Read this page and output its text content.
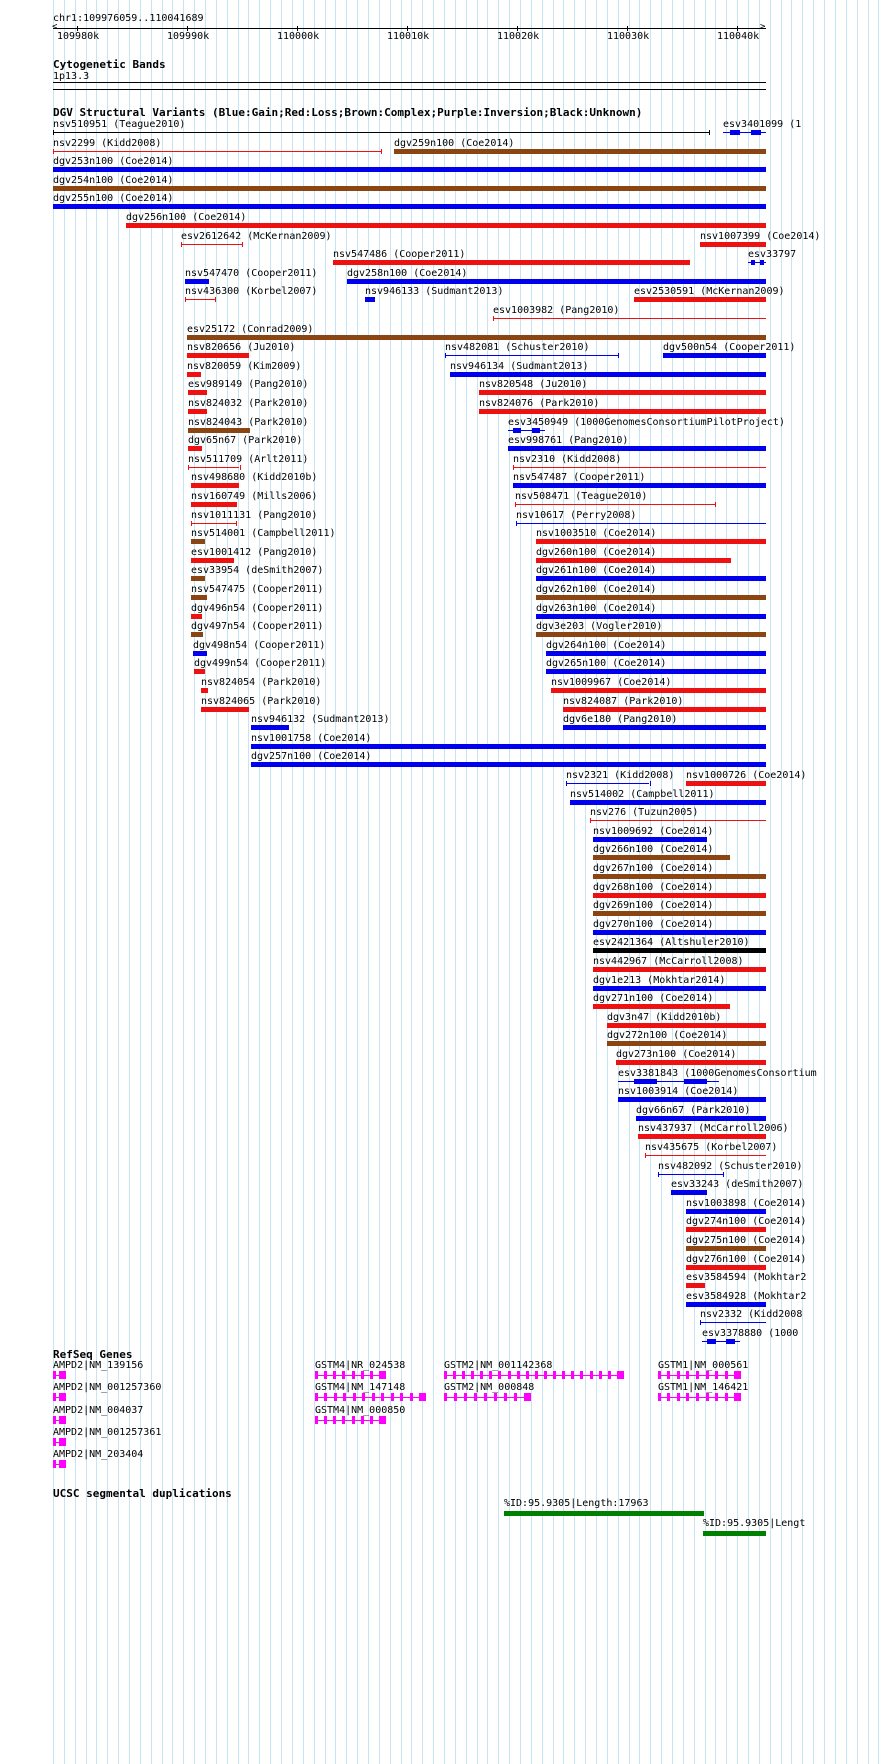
chr1:109976059..110041689
<	>
109980k	109990k	110000k	110010k	110020k	110030k	110040k
Cytogenetic Bands
1p13.3
DGV Structural Variants (Blue:Gain;Red:Loss;Brown:Complex;Purple:Inversion;Black:Unknown)
nsv510951 (Teague2010)	esv3401099 (1
nsv2299 (Kidd2008)	dgv259n100 (Coe2014)
dgv253n100 (Coe2014)
dgv254n100 (Coe2014)
dgv255n100 (Coe2014)
dgv256n100 (Coe2014)
esv2612642 (McKernan2009)
nsv547486 (Cooper2011)
nsv1007399 (Coe2014)
nsv547470 (Cooper2011)	dgv258n100 (Coe2014)
nsv436300 (Korbel2007)	nsv946133 (Sudmant2013)
esv1003982 (Pang2010)
esv25172 (Conrad2009)
nsv820656 (Ju2010)	nsv482081 (Schuster2010)
esv2530591 (McKernan2009)
nsv820059 (Kim2009)	nsv946134 (Sudmant2013)
esv989149 (Pang2010)	nsv820548 (Ju2010)
nsv824032 (Park2010)	nsv824076 (Park2010)
nsv824043 (Park2010)	esv3450949 (1000GenomesConsortiumPilotProject)
dgv65n67 (Park2010)	esv998761 (Pang2010)
nsv511709 (Arlt2011)	nsv2310 (Kidd2008)
nsv498680 (Kidd2010b)	nsv547487 (Cooper2011)
nsv160749 (Mills2006)	nsv508471 (Teague2010)
esv33797
nsv1011131 (Pang2010)	nsv10617 (Perry2008)
nsv514001 (Campbell2011)	nsv1003510 (Coe2014)
esv1001412 (Pang2010)	dgv260n100 (Coe2014)
esv33954 (deSmith2007)	dgv261n100 (Coe2014)
nsv547475 (Cooper2011)	dgv262n100 (Coe2014)
dgv496n54 (Cooper2011)	dgv263n100 (Coe2014)
dgv497n54 (Cooper2011)	dgv3e203 (Vogler2010)
dgv498n54 (Cooper2011)	dgv264n100 (Coe2014)
dgv499n54 (Cooper2011)	dgv265n100 (Coe2014)
nsv824054 (Park2010)	nsv1009967 (Coe2014)
nsv824065 (Park2010)	nsv824087 (Park2010)
nsv946132 (Sudmant2013)	dgv6e180 (Pang2010)
nsv1001758 (Coe2014)
dgv257n100 (Coe2014)
nsv2321 (Kidd2008)
dgv500n54 (Cooper2011)
nsv514002 (Campbell2011)
nsv276 (Tuzun2005)
nsv1009692 (Coe2014)
dgv266n100 (Coe2014)
dgv267n100 (Coe2014)
dgv268n100 (Coe2014)
dgv269n100 (Coe2014)
dgv270n100 (Coe2014)
esv2421364 (Altshuler2010)
nsv442967 (McCarroll2008)
dgv1e213 (Mokhtar2014)
dgv271n100 (Coe2014)
dgv3n47 (Kidd2010b)
dgv272n100 (Coe2014)
dgv273n100 (Coe2014)
esv3381843 (1000GenomesConsortium
nsv1003914 (Coe2014)
dgv66n67 (Park2010)
nsv437937 (McCarroll2006)
nsv435675 (Korbel2007)
nsv482092 (Schuster2010)
esv33243 (deSmith2007)
nsv1000726 (Coe2014)
nsv1003898 (Coe2014)
dgv274n100 (Coe2014)
dgv275n100 (Coe2014)
dgv276n100 (Coe2014)
esv3584594 (Mokhtar2
esv3584928 (Mokhtar2
nsv2332 (Kidd2008
esv3378880 (1000
RefSeq Genes
AMPD2|NM_139156
AMPD2|NM_001257360
AMPD2|NM_004037
AMPD2|NM_001257361
AMPD2|NM_203404
GSTM4|NR_024538
GSTM4|NM_147148
GSTM4|NM_000850
GSTM2|NM_001142368
GSTM2|NM_000848
GSTM1|NM_000561
GSTM1|NM_146421
UCSC segmental duplications
%ID:95.9305|Length:17963
%ID:95.9305|Lengt
